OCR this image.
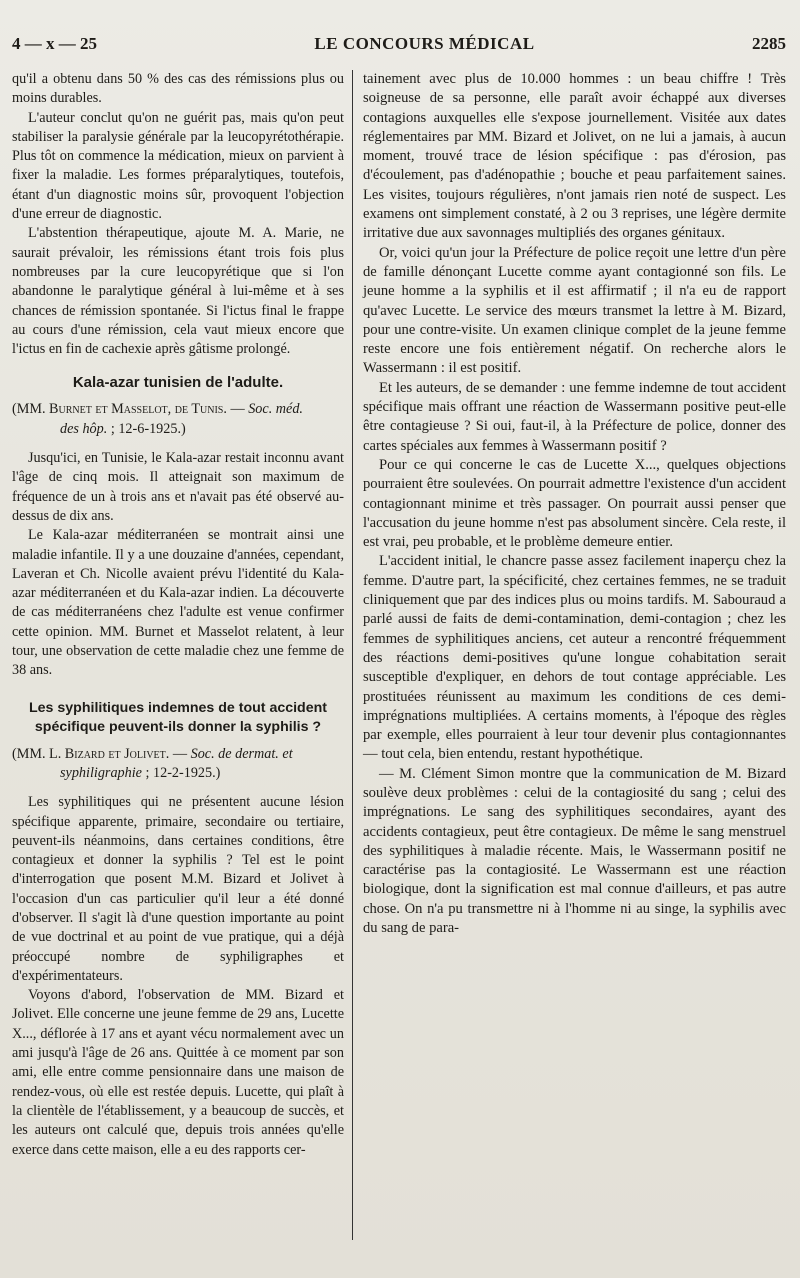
4 — x — 25	LE CONCOURS MÉDICAL	2285

qu'il a obtenu dans 50 % des cas des rémissions plus ou moins durables.

L'auteur conclut qu'on ne guérit pas, mais qu'on peut stabiliser la paralysie générale par la leucopyrétothérapie. Plus tôt on commence la médication, mieux on parvient à fixer la maladie. Les formes préparalytiques, toutefois, étant d'un diagnostic moins sûr, provoquent l'objection d'une erreur de diagnostic.

L'abstention thérapeutique, ajoute M. A. Marie, ne saurait prévaloir, les rémissions étant trois fois plus nombreuses par la cure leucopyrétique que si l'on abandonne le paralytique général à lui-même et à ses chances de rémission spontanée. Si l'ictus final le frappe au cours d'une rémission, cela vaut mieux encore que l'ictus en fin de cachexie après gâtisme prolongé.

Kala-azar tunisien de l'adulte.
(MM. Burnet et Masselot, de Tunis. — Soc. méd.
des hôp. ; 12-6-1925.)

Jusqu'ici, en Tunisie, le Kala-azar restait inconnu avant l'âge de cinq mois. Il atteignait son maximum de fréquence de un à trois ans et n'avait pas été observé au-dessus de dix ans.

Le Kala-azar méditerranéen se montrait ainsi une maladie infantile. Il y a une douzaine d'années, cependant, Laveran et Ch. Nicolle avaient prévu l'identité du Kala-azar méditerranéen et du Kala-azar indien. La découverte de cas méditerranéens chez l'adulte est venue confirmer cette opinion. MM. Burnet et Masselot relatent, à leur tour, une observation de cette maladie chez une femme de 38 ans.

Les syphilitiques indemnes de tout accident spécifique peuvent-ils donner la syphilis ?
(MM. L. Bizard et Jolivet. — Soc. de dermat. et
syphiligraphie ; 12-2-1925.)

Les syphilitiques qui ne présentent aucune lésion spécifique apparente, primaire, secondaire ou tertiaire, peuvent-ils néanmoins, dans certaines conditions, être contagieux et donner la syphilis ? Tel est le point d'interrogation que posent M.M. Bizard et Jolivet à l'occasion d'un cas particulier qu'il leur a été donné d'observer. Il s'agit là d'une question importante au point de vue doctrinal et au point de vue pratique, qui a déjà préoccupé nombre de syphiligraphes et d'expérimentateurs.

Voyons d'abord, l'observation de MM. Bizard et Jolivet. Elle concerne une jeune femme de 29 ans, Lucette X..., déflorée à 17 ans et ayant vécu normalement avec un ami jusqu'à l'âge de 26 ans. Quittée à ce moment par son ami, elle entre comme pensionnaire dans une maison de rendez-vous, où elle est restée depuis. Lucette, qui plaît à la clientèle de l'établissement, y a beaucoup de succès, et les auteurs ont calculé que, depuis trois années qu'elle exerce dans cette maison, elle a eu des rapports cer-

tainement avec plus de 10.000 hommes : un beau chiffre ! Très soigneuse de sa personne, elle paraît avoir échappé aux diverses contagions auxquelles elle s'expose journellement. Visitée aux dates réglementaires par MM. Bizard et Jolivet, on ne lui a jamais, à aucun moment, trouvé trace de lésion spécifique : pas d'érosion, pas d'écoulement, pas d'adénopathie ; bouche et peau parfaitement saines. Les visites, toujours régulières, n'ont jamais rien noté de suspect. Les examens ont simplement constaté, à 2 ou 3 reprises, une légère dermite irritative due aux savonnages multipliés des organes génitaux.

Or, voici qu'un jour la Préfecture de police reçoit une lettre d'un père de famille dénonçant Lucette comme ayant contagionné son fils. Le jeune homme a la syphilis et il est affirmatif ; il n'a eu de rapport qu'avec Lucette. Le service des mœurs transmet la lettre à M. Bizard, pour une contre-visite. Un examen clinique complet de la jeune femme reste encore une fois entièrement négatif. On recherche alors le Wassermann : il est positif.

Et les auteurs, de se demander : une femme indemne de tout accident spécifique mais offrant une réaction de Wassermann positive peut-elle être contagieuse ? Si oui, faut-il, à la Préfecture de police, donner des cartes spéciales aux femmes à Wassermann positif ?

Pour ce qui concerne le cas de Lucette X..., quelques objections pourraient être soulevées. On pourrait admettre l'existence d'un accident contagionnant minime et très passager. On pourrait aussi penser que l'accusation du jeune homme n'est pas absolument sincère. Cela reste, il est vrai, peu probable, et le problème demeure entier.

L'accident initial, le chancre passe assez facilement inaperçu chez la femme. D'autre part, la spécificité, chez certaines femmes, ne se traduit cliniquement que par des indices plus ou moins tardifs. M. Sabouraud a parlé aussi de faits de demi-contamination, demi-contagion ; chez les femmes de syphilitiques anciens, cet auteur a rencontré fréquemment des réactions demi-positives qu'une longue cohabitation serait susceptible d'expliquer, en dehors de tout contage appréciable. Les prostituées réunissent au maximum les conditions de ces demi-imprégnations multipliées. A certains moments, à l'époque des règles par exemple, elles pourraient à leur tour devenir plus contagionnantes — tout cela, bien entendu, restant hypothétique.

— M. Clément Simon montre que la communication de M. Bizard soulève deux problèmes : celui de la contagiosité du sang ; celui des imprégnations. Le sang des syphilitiques secondaires, ayant des accidents contagieux, peut être contagieux. De même le sang menstruel des syphilitiques à maladie récente. Mais, le Wassermann positif ne caractérise pas la contagiosité. Le Wassermann est une réaction biologique, dont la signification est mal connue d'ailleurs, et pas autre chose. On n'a pu transmettre ni à l'homme ni au singe, la syphilis avec du sang de para-
